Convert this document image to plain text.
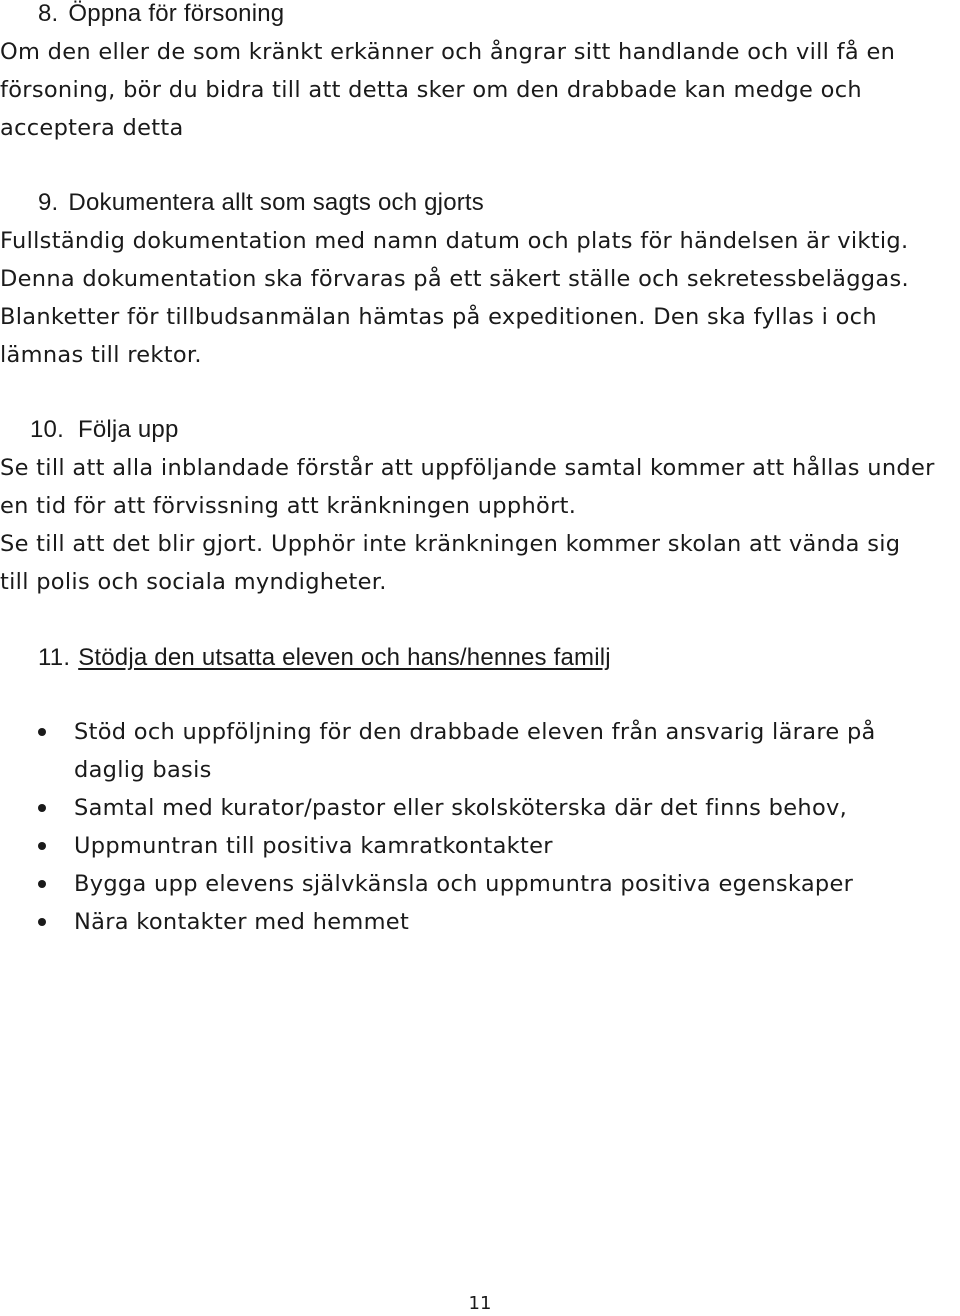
8. Öppna för försoning
Om den eller de som kränkt erkänner och ångrar sitt handlande och vill få en
försoning, bör du bidra till att detta sker om den drabbade kan medge och
acceptera detta
9. Dokumentera allt som sagts och gjorts
Fullständig dokumentation med namn datum och plats för händelsen är viktig.
Denna dokumentation ska förvaras på ett säkert ställe och sekretessbeläggas.
Blanketter för tillbudsanmälan hämtas på expeditionen. Den ska fyllas i och
lämnas till rektor.
10. Följa upp
Se till att alla inblandade förstår att uppföljande samtal kommer att hållas under
en tid för att förvissning att kränkningen upphört.
Se till att det blir gjort. Upphör inte kränkningen kommer skolan att vända sig
till polis och sociala myndigheter.
11. Stödja den utsatta eleven och hans/hennes familj
Stöd och uppföljning för den drabbade eleven från ansvarig lärare på
daglig basis
Samtal med kurator/pastor eller skolsköterska där det finns behov,
Uppmuntran till positiva kamratkontakter
Bygga upp elevens självkänsla och uppmuntra positiva egenskaper
Nära kontakter med hemmet
11
